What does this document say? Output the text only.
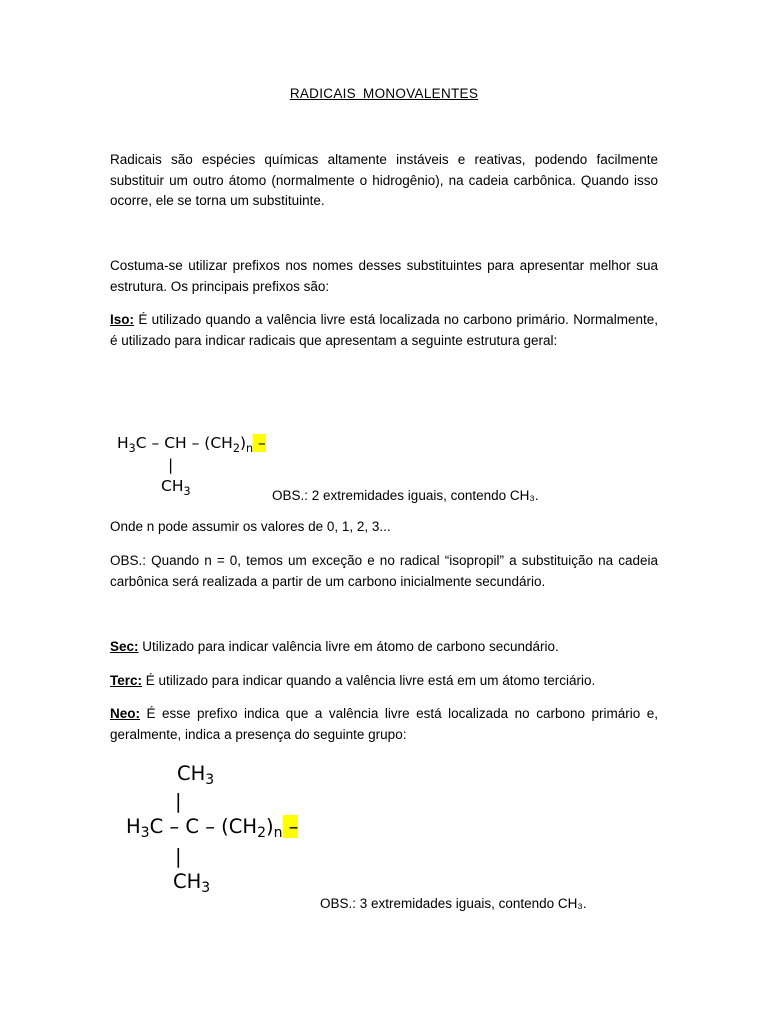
RADICAIS MONOVALENTES
Radicais são espécies químicas altamente instáveis e reativas, podendo facilmente substituir um outro átomo (normalmente o hidrogênio), na cadeia carbônica. Quando isso ocorre, ele se torna um substituinte.
Costuma-se utilizar prefixos nos nomes desses substituintes para apresentar melhor sua estrutura. Os principais prefixos são:
Iso: É utilizado quando a valência livre está localizada no carbono primário. Normalmente, é utilizado para indicar radicais que apresentam a seguinte estrutura geral:
$H_3C$ – CH – $(CH_2)_n$ –
|
$CH_3$	OBS.: 2 extremidades iguais, contendo CH₃.
Onde n pode assumir os valores de 0, 1, 2, 3...
OBS.: Quando n = 0, temos um exceção e no radical “isopropil” a substituição na cadeia carbônica será realizada a partir de um carbono inicialmente secundário.
Sec: Utilizado para indicar valência livre em átomo de carbono secundário.
Terc: É utilizado para indicar quando a valência livre está em um átomo terciário.
Neo: É esse prefixo indica que a valência livre está localizada no carbono primário e, geralmente, indica a presença do seguinte grupo:
$CH_3$
|
$H_3C$ – C – $(CH_2)_n$ –
|
$CH_3$
OBS.: 3 extremidades iguais, contendo CH₃.
